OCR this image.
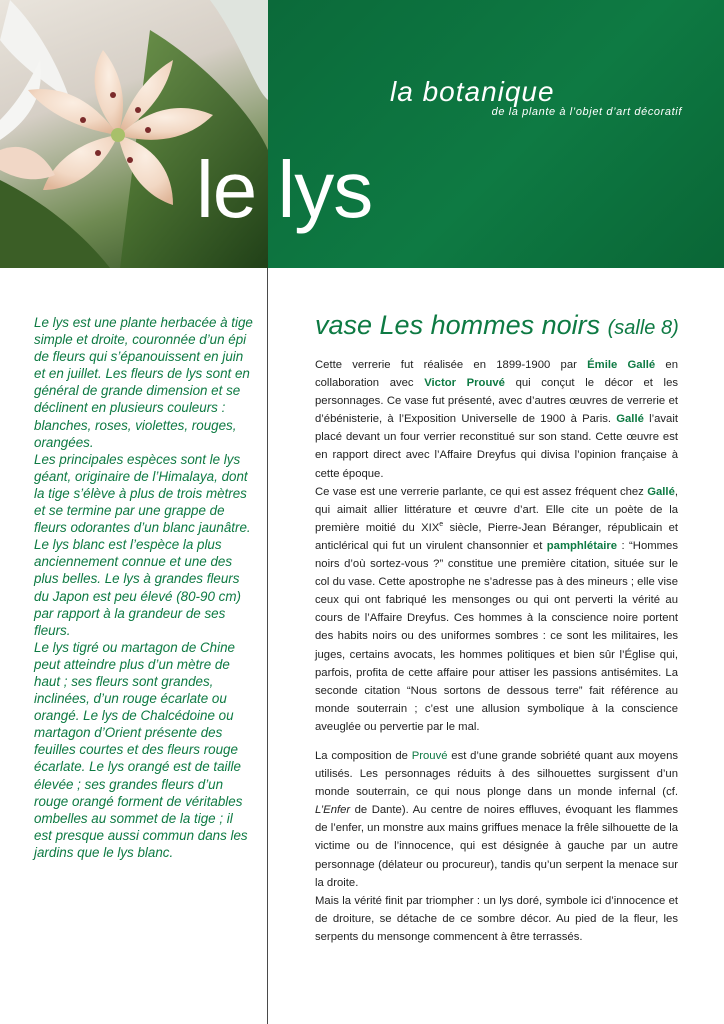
la botanique
de la plante à l’objet d’art décoratif
le lys

Le lys est une plante herbacée à tige simple et droite, couronnée d’un épi de fleurs qui s’épanouissent en juin et en juillet. Les fleurs de lys sont en général de grande dimension et se déclinent en plusieurs couleurs : blanches, roses, violettes, rouges, orangées.

Les principales espèces sont le lys géant, originaire de l’Himalaya, dont la tige s’élève à plus de trois mètres et se termine par une grappe de fleurs odorantes d’un blanc jaunâtre. Le lys blanc est l’espèce la plus anciennement connue et une des plus belles. Le lys à grandes fleurs du Japon est peu élevé (80-90 cm) par rapport à la grandeur de ses fleurs.

Le lys tigré ou martagon de Chine peut atteindre plus d’un mètre de haut ; ses fleurs sont grandes, inclinées, d’un rouge écarlate ou orangé. Le lys de Chalcédoine ou martagon d’Orient présente des feuilles courtes et des fleurs rouge écarlate. Le lys orangé est de taille élevée ; ses grandes fleurs d’un rouge orangé forment de véritables ombelles au sommet de la tige ; il est presque aussi commun dans les jardins que le lys blanc.

vase Les hommes noirs (salle 8)

Cette verrerie fut réalisée en 1899-1900 par Émile Gallé en collaboration avec Victor Prouvé qui conçut le décor et les personnages. Ce vase fut présenté, avec d’autres œuvres de verrerie et d’ébénisterie, à l’Exposition Universelle de 1900 à Paris. Gallé l’avait placé devant un four verrier reconstitué sur son stand. Cette œuvre est en rapport direct avec l’Affaire Dreyfus qui divisa l’opinion française à cette époque.

Ce vase est une verrerie parlante, ce qui est assez fréquent chez Gallé, qui aimait allier littérature et œuvre d’art. Elle cite un poète de la première moitié du XIXe siècle, Pierre-Jean Béranger, républicain et anticlérical qui fut un virulent chansonnier et pamphlétaire : “Hommes noirs d’où sortez-vous ?” constitue une première citation, située sur le col du vase. Cette apostrophe ne s’adresse pas à des mineurs ; elle vise ceux qui ont fabriqué les mensonges ou qui ont perverti la vérité au cours de l’Affaire Dreyfus. Ces hommes à la conscience noire portent des habits noirs ou des uniformes sombres : ce sont les militaires, les juges, certains avocats, les hommes politiques et bien sûr l’Église qui, parfois, profita de cette affaire pour attiser les passions antisémites. La seconde citation “Nous sortons de dessous terre” fait référence au monde souterrain ; c’est une allusion symbolique à la conscience aveuglée ou pervertie par le mal.

La composition de Prouvé est d’une grande sobriété quant aux moyens utilisés. Les personnages réduits à des silhouettes surgissent d’un monde souterrain, ce qui nous plonge dans un monde infernal (cf. L’Enfer de Dante). Au centre de noires effluves, évoquant les flammes de l’enfer, un monstre aux mains griffues menace la frêle silhouette de la victime ou de l’innocence, qui est désignée à gauche par un autre personnage (délateur ou procureur), tandis qu’un serpent la menace sur la droite.

Mais la vérité finit par triompher : un lys doré, symbole ici d’innocence et de droiture, se détache de ce sombre décor. Au pied de la fleur, les serpents du mensonge commencent à être terrassés.
